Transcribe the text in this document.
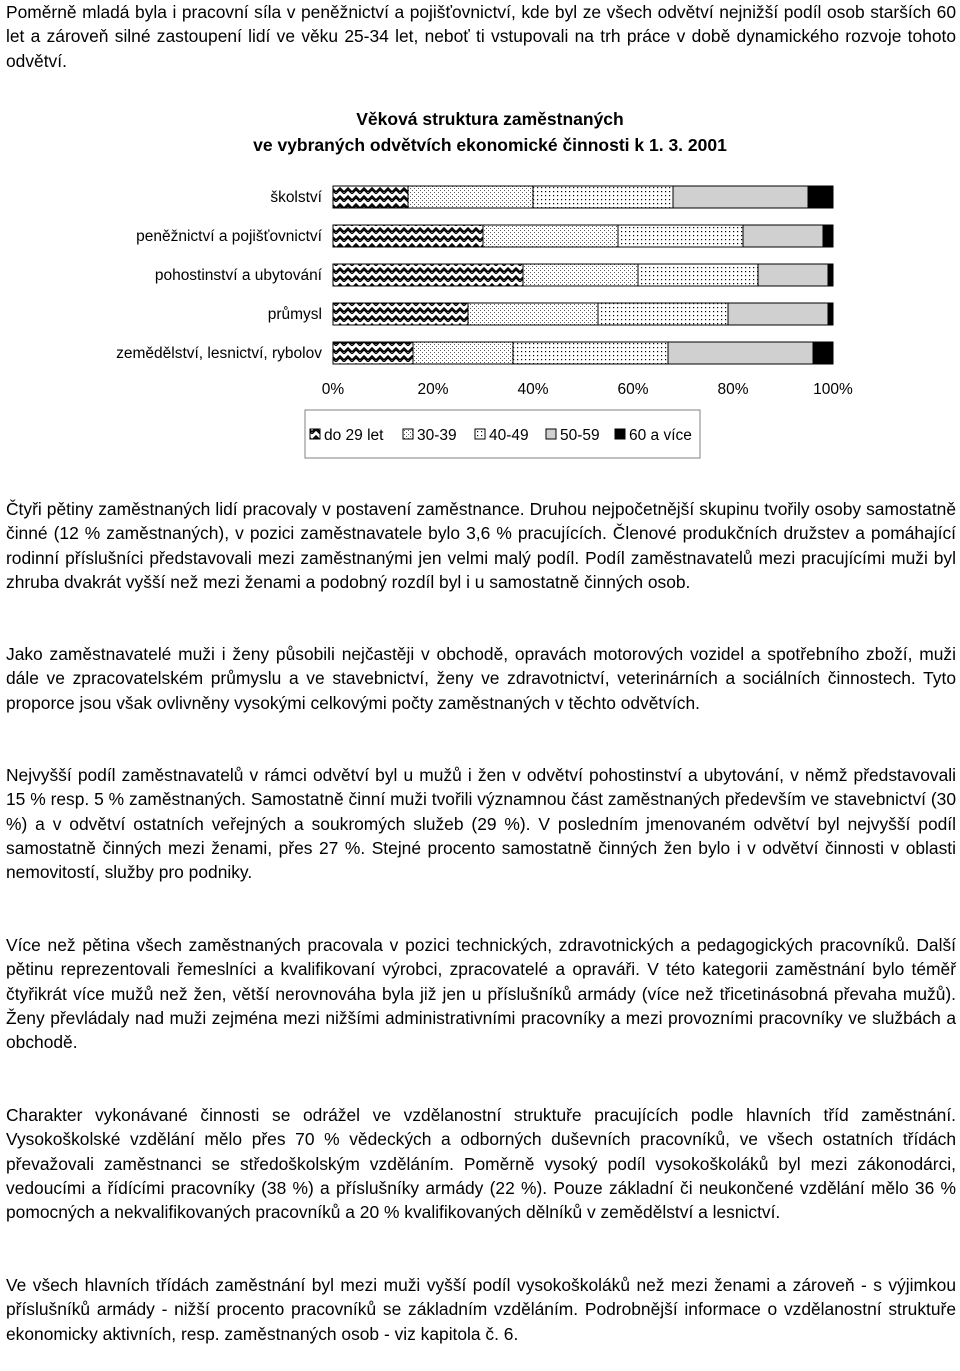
Poměrně mladá byla i pracovní síla v peněžnictví a pojišťovnictví, kde byl ze všech odvětví nejnižší podíl osob starších 60 let a zároveň silné zastoupení lidí ve věku 25-34 let, neboť ti vstupovali na trh práce v době dynamického rozvoje tohoto odvětví.

Věková struktura zaměstnaných
ve vybraných odvětvích ekonomické činnosti k 1. 3. 2001
školství
peněžnictví a pojišťovnictví
pohostinství a ubytování
průmysl
zemědělství, lesnictví, rybolov
0%	20%	40%	60%	80%	100%
do 29 let 30-39 40-49 50-59 60 a více

Čtyři pětiny zaměstnaných lidí pracovaly v postavení zaměstnance. Druhou nejpočetnější skupinu tvořily osoby samostatně činné (12 % zaměstnaných), v pozici zaměstnavatele bylo 3,6 % pracujících. Členové produkčních družstev a pomáhající rodinní příslušníci představovali mezi zaměstnanými jen velmi malý podíl. Podíl zaměstnavatelů mezi pracujícími muži byl zhruba dvakrát vyšší než mezi ženami a podobný rozdíl byl i u samostatně činných osob.

Jako zaměstnavatelé muži i ženy působili nejčastěji v obchodě, opravách motorových vozidel a spotřebního zboží, muži dále ve zpracovatelském průmyslu a ve stavebnictví, ženy ve zdravotnictví, veterinárních a sociálních činnostech. Tyto proporce jsou však ovlivněny vysokými celkovými počty zaměstnaných v těchto odvětvích.

Nejvyšší podíl zaměstnavatelů v rámci odvětví byl u mužů i žen v odvětví pohostinství a ubytování, v němž představovali 15 % resp. 5 % zaměstnaných. Samostatně činní muži tvořili významnou část zaměstnaných především ve stavebnictví (30 %) a v odvětví ostatních veřejných a soukromých služeb (29 %). V posledním jmenovaném odvětví byl nejvyšší podíl samostatně činných mezi ženami, přes 27 %. Stejné procento samostatně činných žen bylo i v odvětví činnosti v oblasti nemovitostí, služby pro podniky.

Více než pětina všech zaměstnaných pracovala v pozici technických, zdravotnických a pedagogických pracovníků. Další pětinu reprezentovali řemeslníci a kvalifikovaní výrobci, zpracovatelé a opraváři. V této kategorii zaměstnání bylo téměř čtyřikrát více mužů než žen, větší nerovnováha byla již jen u příslušníků armády (více než třicetinásobná převaha mužů). Ženy převládaly nad muži zejména mezi nižšími administrativními pracovníky a mezi provozními pracovníky ve službách a obchodě.

Charakter vykonávané činnosti se odrážel ve vzdělanostní struktuře pracujících podle hlavních tříd zaměstnání. Vysokoškolské vzdělání mělo přes 70 % vědeckých a odborných duševních pracovníků, ve všech ostatních třídách převažovali zaměstnanci se středoškolským vzděláním. Poměrně vysoký podíl vysokoškoláků byl mezi zákonodárci, vedoucími a řídícími pracovníky (38 %) a příslušníky armády (22 %). Pouze základní či neukončené vzdělání mělo 36 % pomocných a nekvalifikovaných pracovníků a 20 % kvalifikovaných dělníků v zemědělství a lesnictví.

Ve všech hlavních třídách zaměstnání byl mezi muži vyšší podíl vysokoškoláků než mezi ženami a zároveň - s výjimkou příslušníků armády - nižší procento pracovníků se základním vzděláním. Podrobnější informace o vzdělanostní struktuře ekonomicky aktivních, resp. zaměstnaných osob - viz kapitola č. 6.
